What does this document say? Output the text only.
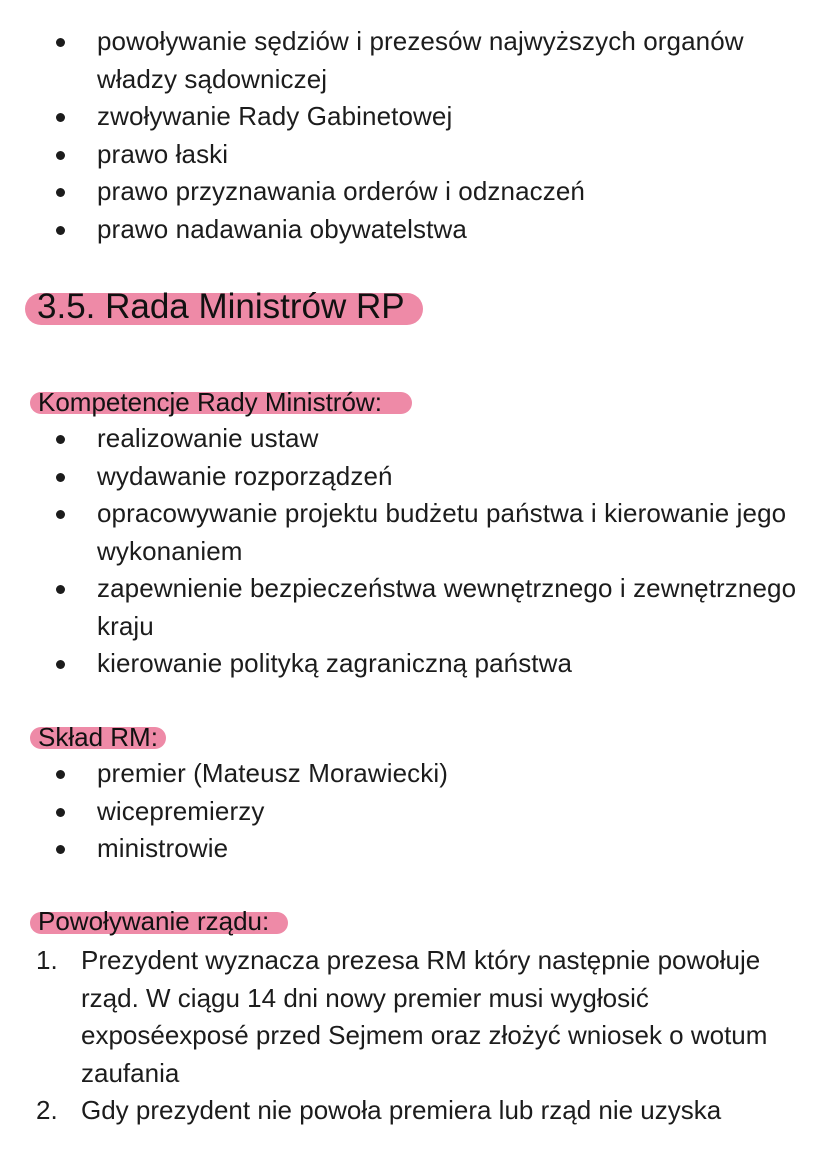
powoływanie sędziów i prezesów najwyższych organów władzy sądowniczej
zwoływanie Rady Gabinetowej
prawo łaski
prawo przyznawania orderów i odznaczeń
prawo nadawania obywatelstwa
3.5. Rada Ministrów RP
Kompetencje Rady Ministrów:
realizowanie ustaw
wydawanie rozporządzeń
opracowywanie projektu budżetu państwa i kierowanie jego wykonaniem
zapewnienie bezpieczeństwa wewnętrznego i zewnętrznego kraju
kierowanie polityką zagraniczną państwa
Skład RM:
premier (Mateusz Morawiecki)
wicepremierzy
ministrowie
Powoływanie rządu:
1. Prezydent wyznacza prezesa RM który następnie powołuje rząd. W ciągu 14 dni nowy premier musi wygłosić exposéexposé przed Sejmem oraz złożyć wniosek o wotum zaufania
2. Gdy prezydent nie powoła premiera lub rząd nie uzyska
